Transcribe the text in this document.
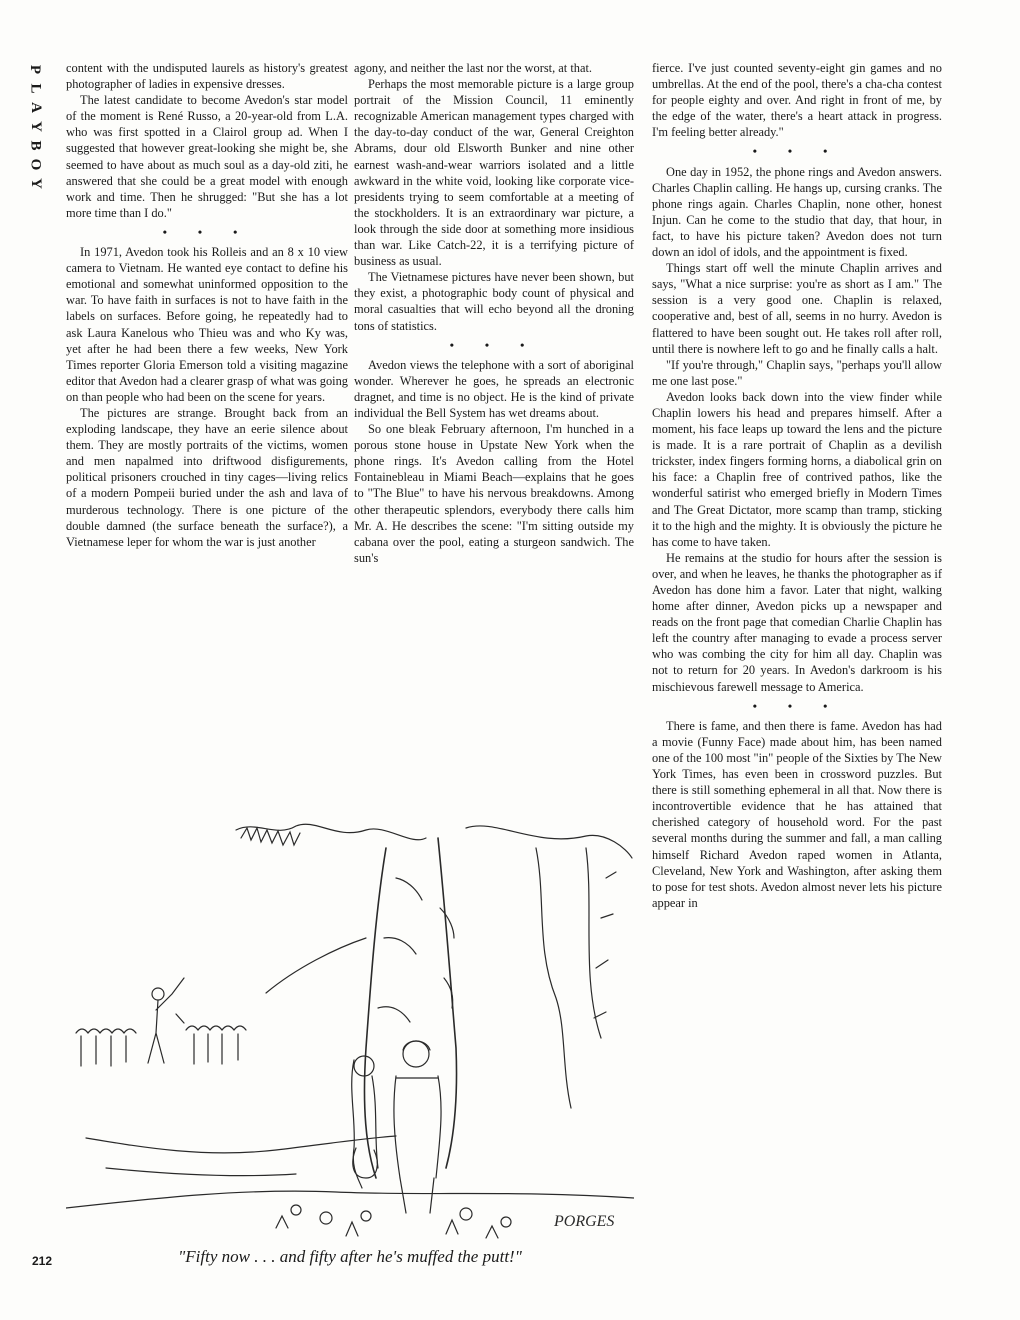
P
L
A
Y
B
O
Y

content with the undisputed laurels as history's greatest photographer of ladies in expensive dresses.

The latest candidate to become Avedon's star model of the moment is René Russo, a 20-year-old from L.A. who was first spotted in a Clairol group ad. When I suggested that however great-looking she might be, she seemed to have about as much soul as a day-old ziti, he answered that she could be a great model with enough work and time. Then he shrugged: "But she has a lot more time than I do."

• • •

In 1971, Avedon took his Rolleis and an 8 x 10 view camera to Vietnam. He wanted eye contact to define his emotional and somewhat uninformed opposition to the war. To have faith in surfaces is not to have faith in the labels on surfaces. Before going, he repeatedly had to ask Laura Kanelous who Thieu was and who Ky was, yet after he had been there a few weeks, New York Times reporter Gloria Emerson told a visiting magazine editor that Avedon had a clearer grasp of what was going on than people who had been on the scene for years.

The pictures are strange. Brought back from an exploding landscape, they have an eerie silence about them. They are mostly portraits of the victims, women and men napalmed into driftwood disfigurements, political prisoners crouched in tiny cages—living relics of a modern Pompeii buried under the ash and lava of murderous technology. There is one picture of the double damned (the surface beneath the surface?), a Vietnamese leper for whom the war is just another

agony, and neither the last nor the worst, at that.

Perhaps the most memorable picture is a large group portrait of the Mission Council, 11 eminently recognizable American management types charged with the day-to-day conduct of the war, General Creighton Abrams, dour old Elsworth Bunker and nine other earnest wash-and-wear warriors isolated and a little awkward in the white void, looking like corporate vice-presidents trying to seem comfortable at a meeting of the stockholders. It is an extraordinary war picture, a look through the side door at something more insidious than war. Like Catch-22, it is a terrifying picture of business as usual.

The Vietnamese pictures have never been shown, but they exist, a photographic body count of physical and moral casualties that will echo beyond all the droning tons of statistics.

• • •

Avedon views the telephone with a sort of aboriginal wonder. Wherever he goes, he spreads an electronic dragnet, and time is no object. He is the kind of private individual the Bell System has wet dreams about.

So one bleak February afternoon, I'm hunched in a porous stone house in Upstate New York when the phone rings. It's Avedon calling from the Hotel Fontainebleau in Miami Beach—explains that he goes to "The Blue" to have his nervous breakdowns. Among other therapeutic splendors, everybody there calls him Mr. A. He describes the scene: "I'm sitting outside my cabana over the pool, eating a sturgeon sandwich. The sun's

fierce. I've just counted seventy-eight gin games and no umbrellas. At the end of the pool, there's a cha-cha contest for people eighty and over. And right in front of me, by the edge of the water, there's a heart attack in progress. I'm feeling better already."

• • •

One day in 1952, the phone rings and Avedon answers. Charles Chaplin calling. He hangs up, cursing cranks. The phone rings again. Charles Chaplin, none other, honest Injun. Can he come to the studio that day, that hour, in fact, to have his picture taken? Avedon does not turn down an idol of idols, and the appointment is fixed.

Things start off well the minute Chaplin arrives and says, "What a nice surprise: you're as short as I am." The session is a very good one. Chaplin is relaxed, cooperative and, best of all, seems in no hurry. Avedon is flattered to have been sought out. He takes roll after roll, until there is nowhere left to go and he finally calls a halt.

"If you're through," Chaplin says, "perhaps you'll allow me one last pose."

Avedon looks back down into the view finder while Chaplin lowers his head and prepares himself. After a moment, his face leaps up toward the lens and the picture is made. It is a rare portrait of Chaplin as a devilish trickster, index fingers forming horns, a diabolical grin on his face: a Chaplin free of contrived pathos, like the wonderful satirist who emerged briefly in Modern Times and The Great Dictator, more scamp than tramp, sticking it to the high and the mighty. It is obviously the picture he has come to have taken.

He remains at the studio for hours after the session is over, and when he leaves, he thanks the photographer as if Avedon has done him a favor. Later that night, walking home after dinner, Avedon picks up a newspaper and reads on the front page that comedian Charlie Chaplin has left the country after managing to evade a process server who was combing the city for him all day. Chaplin was not to return for 20 years. In Avedon's darkroom is his mischievous farewell message to America.

• • •

There is fame, and then there is fame. Avedon has had a movie (Funny Face) made about him, has been named one of the 100 most "in" people of the Sixties by The New York Times, has even been in crossword puzzles. But there is still something ephemeral in all that. Now there is incontrovertible evidence that he has attained that cherished category of household word. For the past several months during the summer and fall, a man calling himself Richard Avedon raped women in Atlanta, Cleveland, New York and Washington, after asking them to pose for test shots. Avedon almost never lets his picture appear in

PORGES
"Fifty now . . . and fifty after he's muffed the putt!"
212
